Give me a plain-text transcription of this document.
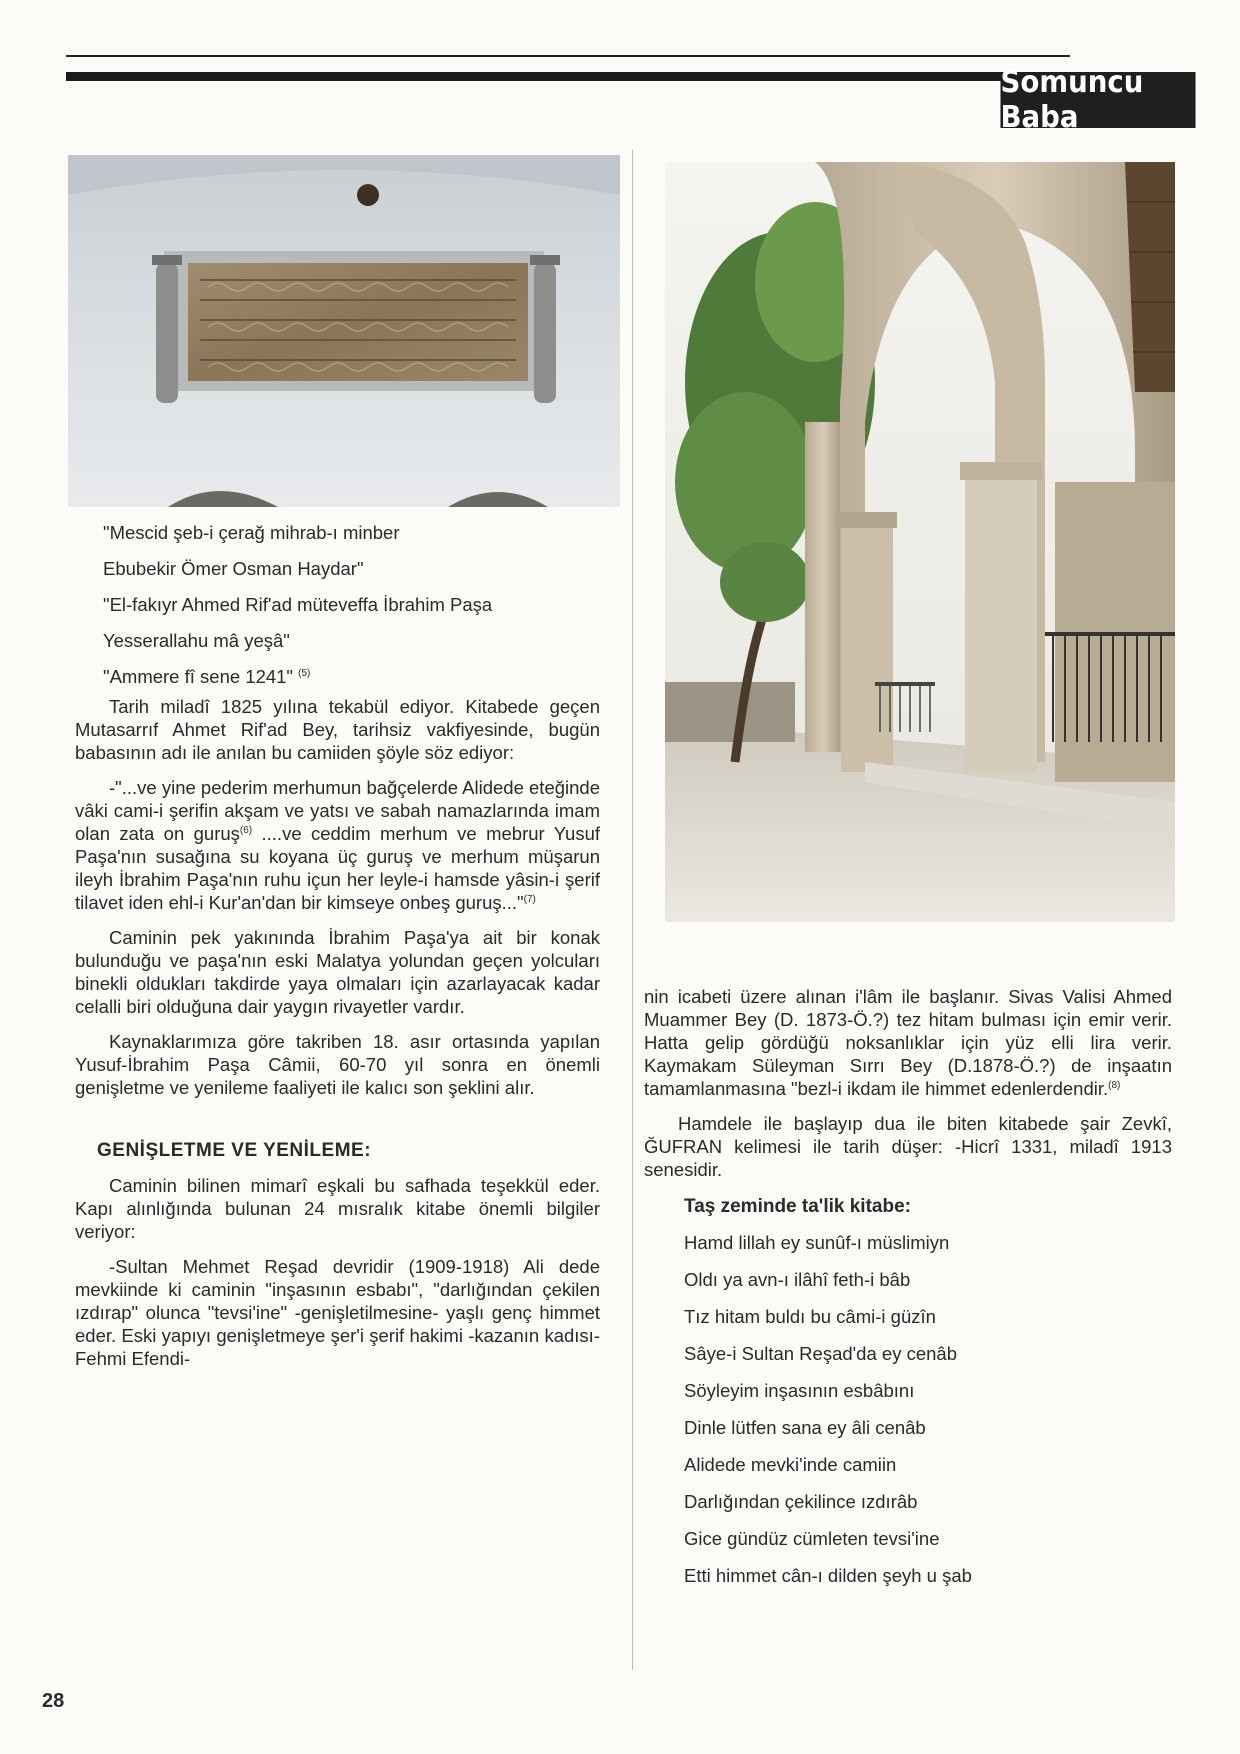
Somuncu Baba
"Mescid şeb-i çerağ mihrab-ı minber
Ebubekir Ömer Osman Haydar"
"El-fakıyr Ahmed Rif'ad müteveffa İbrahim Paşa
Yesserallahu mâ yeşâ"
"Ammere fî sene 1241" $^{(5)}$

Tarih miladî 1825 yılına tekabül ediyor. Kitabede geçen Mutasarrıf Ahmet Rif'ad Bey, tarihsiz vakfiyesinde, bugün babasının adı ile anılan bu camiiden şöyle söz ediyor:

-"...ve yine pederim merhumun bağçelerde Alidede eteğinde vâki cami-i şerifin akşam ve yatsı ve sabah namazlarında imam olan zata on guruş$^{(6)}$ ....ve ceddim merhum ve mebrur Yusuf Paşa'nın susağına su koyana üç guruş ve merhum müşarun ileyh İbrahim Paşa'nın ruhu içun her leyle-i hamsde yâsin-i şerif tilavet iden ehl-i Kur'an'dan bir kimseye onbeş guruş..."$^{(7)}$

Caminin pek yakınında İbrahim Paşa'ya ait bir konak bulunduğu ve paşa'nın eski Malatya yolundan geçen yolcuları binekli oldukları takdirde yaya olmaları için azarlayacak kadar celalli biri olduğuna dair yaygın rivayetler vardır.

Kaynaklarımıza göre takriben 18. asır ortasında yapılan Yusuf-İbrahim Paşa Câmii, 60-70 yıl sonra en önemli genişletme ve yenileme faaliyeti ile kalıcı son şeklini alır.

GENİŞLETME VE YENİLEME:

Caminin bilinen mimarî eşkali bu safhada teşekkül eder. Kapı alınlığında bulunan 24 mısralık kitabe önemli bilgiler veriyor:

-Sultan Mehmet Reşad devridir (1909-1918) Ali dede mevkiinde ki caminin "inşasının esbabı", "darlığından çekilen ızdırap" olunca "tevsi'ine" -genişletilmesine- yaşlı genç himmet eder. Eski yapıyı genişletmeye şer'i şerif hakimi -kazanın kadısı- Fehmi Efendi-

nin icabeti üzere alınan i'lâm ile başlanır. Sivas Valisi Ahmed Muammer Bey (D. 1873-Ö.?) tez hitam bulması için emir verir. Hatta gelip gördüğü noksanlıklar için yüz elli lira verir. Kaymakam Süleyman Sırrı Bey (D.1878-Ö.?) de inşaatın tamamlanmasına "bezl-i ikdam ile himmet edenlerdendir.$^{(8)}$

Hamdele ile başlayıp dua ile biten kitabede şair Zevkî, ĞUFRAN kelimesi ile tarih düşer: -Hicrî 1331, miladî 1913 senesidir.

Taş zeminde ta'lik kitabe:
Hamd lillah ey sunûf-ı müslimiyn
Oldı ya avn-ı ilâhî feth-i bâb
Tız hitam buldı bu câmi-i güzîn
Sâye-i Sultan Reşad'da ey cenâb
Söyleyim inşasının esbâbını
Dinle lütfen sana ey âli cenâb
Alidede mevki'inde camiin
Darlığından çekilince ızdırâb
Gice gündüz cümleten tevsi'ine
Etti himmet cân-ı dilden şeyh u şab
28
